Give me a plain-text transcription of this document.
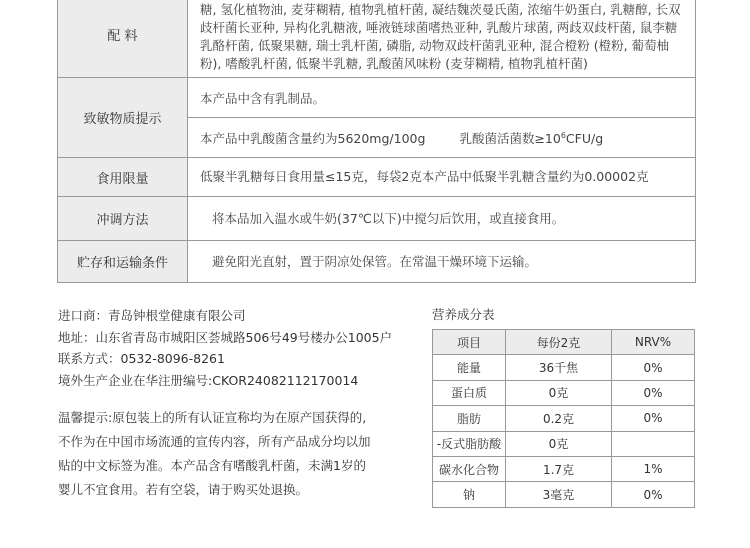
配 料	糖, 氢化植物油, 麦芽糊精, 植物乳植杆菌, 凝结魏茨曼氏菌, 浓缩牛奶蛋白, 乳糖醇, 长双
歧杆菌长亚种, 异构化乳糖液, 唾液链球菌嗜热亚种, 乳酸片球菌, 两歧双歧杆菌, 鼠李糖
乳酪杆菌, 低聚果糖, 瑞士乳杆菌, 磷脂, 动物双歧杆菌乳亚种, 混合橙粉 (橙粉, 葡萄柚
粉), 嗜酸乳杆菌, 低聚半乳糖, 乳酸菌风味粉 (麦芽糊精, 植物乳植杆菌)

致敏物质提示	本产品中含有乳制品。
本产品中乳酸菌含量约为5620mg/100g 乳酸菌活菌数$\ge 10^6CFU/g$

食用限量	低聚半乳糖每日食用量≤15克，每袋2克本产品中低聚半乳糖含量约为0.00002克
冲调方法	将本品加入温水或牛奶(37℃以下)中搅匀后饮用，或直接食用。
贮存和运输条件	避免阳光直射，置于阴凉处保管。在常温干燥环境下运输。

进口商：青岛钟根堂健康有限公司

地址：山东省青岛市城阳区荟城路506号49号楼办公1005户

联系方式：0532-8096-8261

境外生产企业在华注册编号:CKOR24082112170014

温馨提示:原包装上的所有认证宣称均为在原产国获得的,
不作为在中国市场流通的宣传内容，所有产品成分均以加
贴的中文标签为准。本产品含有嗜酸乳杆菌，未满1岁的
婴儿不宜食用。若有空袋，请于购买处退换。
营养成分表
项目	每份2克	NRV%
能量	36千焦	0%
蛋白质	0克	0%
脂肪	0.2克	0%
-反式脂肪酸	0克	
碳水化合物	1.7克	1%
钠	3毫克	0%
